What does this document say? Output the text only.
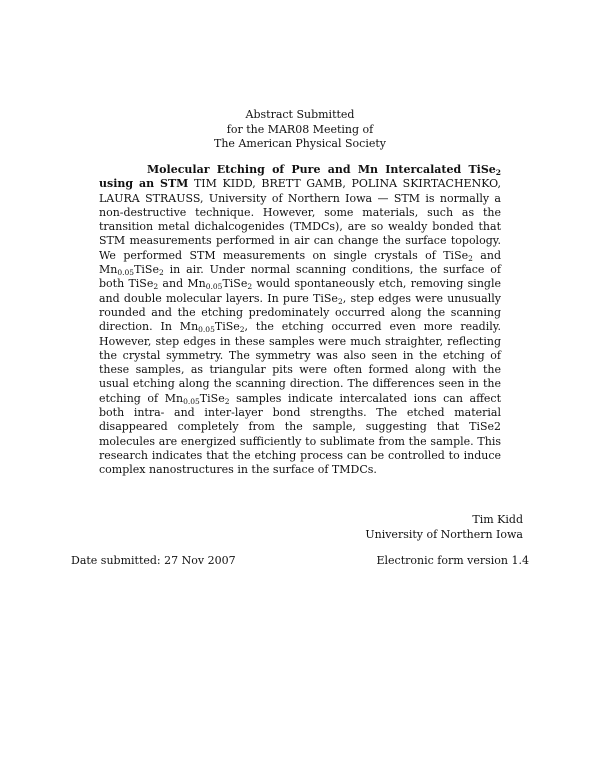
Abstract Submitted
for the MAR08 Meeting of
The American Physical Society
Molecular Etching of Pure and Mn Intercalated TiSe$_2$ using an STM TIM KIDD, BRETT GAMB, POLINA SKIRTACHENKO, LAURA STRAUSS, University of Northern Iowa — STM is normally a non-destructive technique. However, some materials, such as the transition metal dichalcogenides (TMDCs), are so wealdy bonded that STM measurements performed in air can change the surface topology. We performed STM measurements on single crystals of TiSe$_2$ and $Mn_{0.05}TiSe_2$ in air. Under normal scanning conditions, the surface of both TiSe$_2$ and $Mn_{0.05}TiSe_2$ would spontaneously etch, removing single and double molecular layers. In pure TiSe$_2$, step edges were unusually rounded and the etching predominately occurred along the scanning direction. In $Mn_{0.05}TiSe_2$, the etching occurred even more readily. However, step edges in these samples were much straighter, reflecting the crystal symmetry. The symmetry was also seen in the etching of these samples, as triangular pits were often formed along with the usual etching along the scanning direction. The differences seen in the etching of $Mn_{0.05}TiSe_2$ samples indicate intercalated ions can affect both intra- and inter-layer bond strengths. The etched material disappeared completely from the sample, suggesting that TiSe2 molecules are energized sufficiently to sublimate from the sample. This research indicates that the etching process can be controlled to induce complex nanostructures in the surface of TMDCs.
Tim Kidd
University of Northern Iowa
Date submitted: 27 Nov 2007	Electronic form version 1.4
